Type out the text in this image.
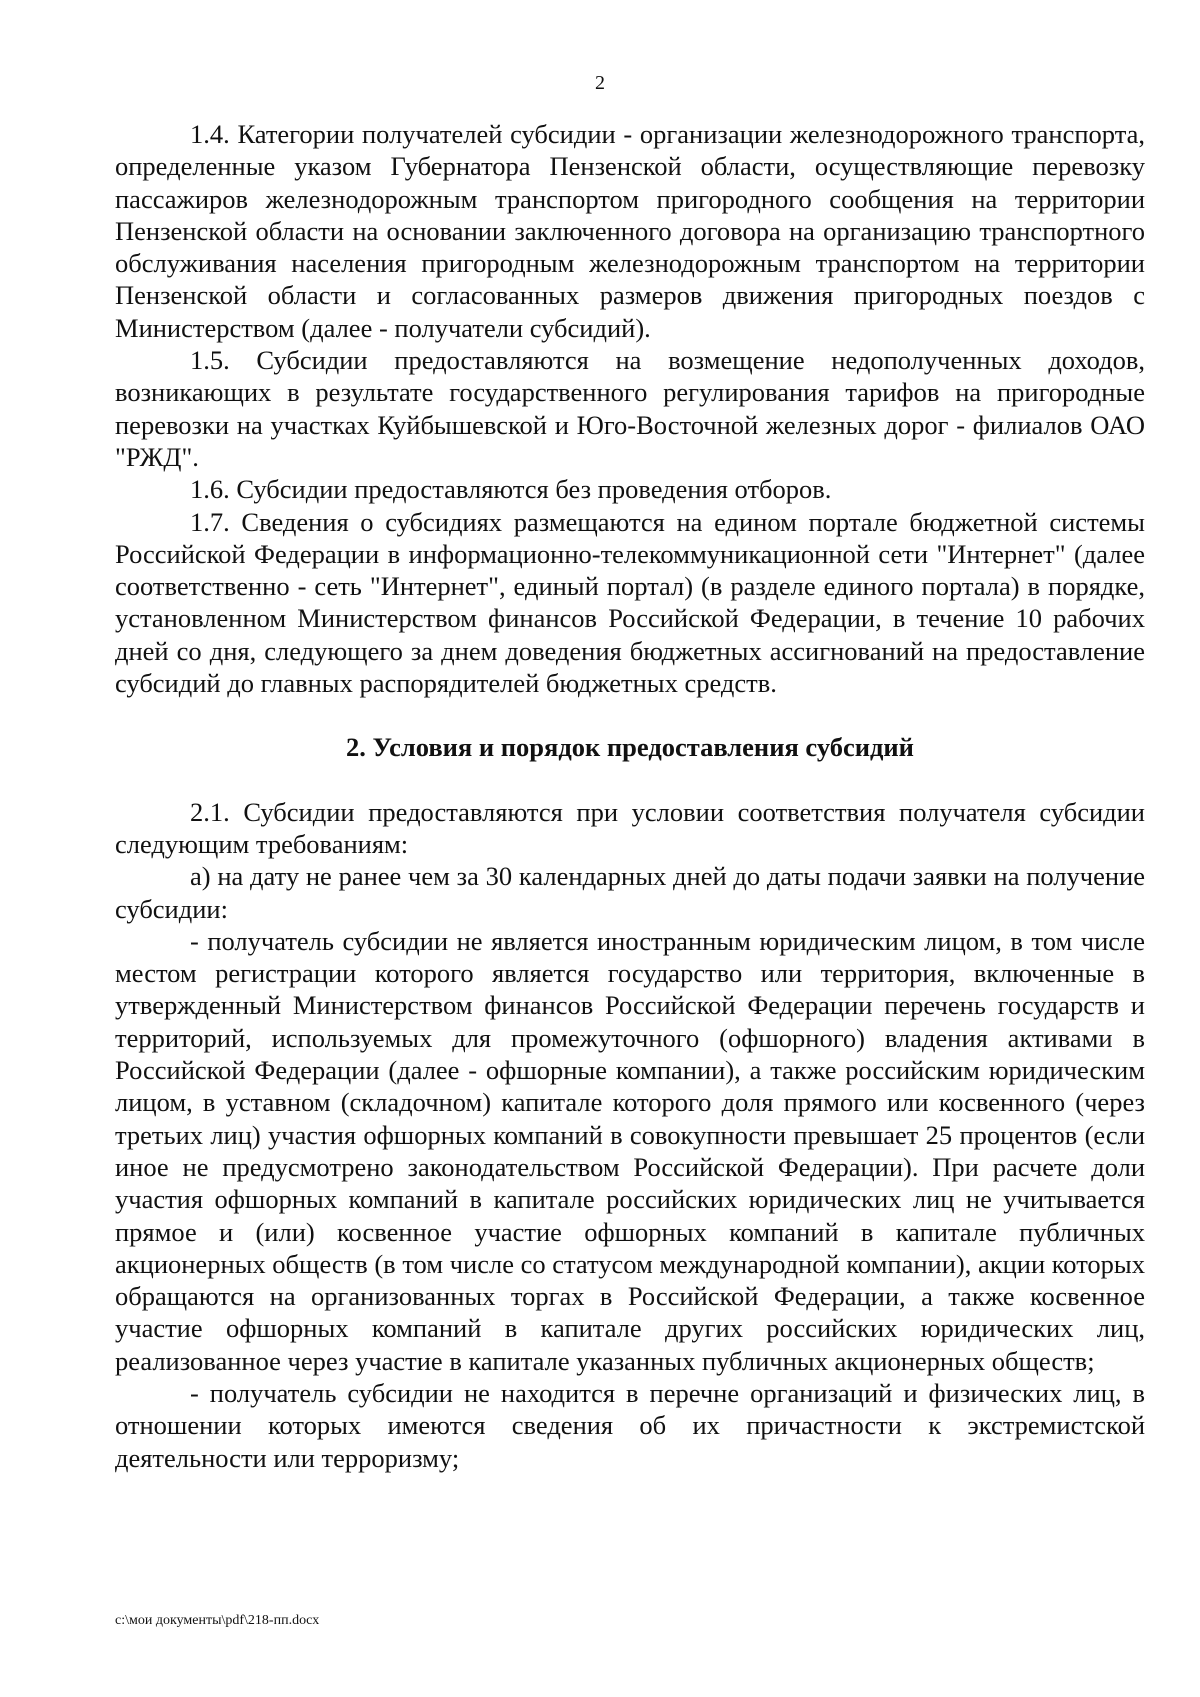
2

1.4. Категории получателей субсидии - организации железнодорожного транспорта, определенные указом Губернатора Пензенской области, осуществляющие перевозку пассажиров железнодорожным транспортом пригородного сообщения на территории Пензенской области на основании заключенного договора на организацию транспортного обслуживания населения пригородным железнодорожным транспортом на территории Пензенской области и согласованных размеров движения пригородных поездов с Министерством (далее - получатели субсидий).

1.5. Субсидии предоставляются на возмещение недополученных доходов, возникающих в результате государственного регулирования тарифов на пригородные перевозки на участках Куйбышевской и Юго-Восточной железных дорог - филиалов ОАО "РЖД".

1.6. Субсидии предоставляются без проведения отборов.

1.7. Сведения о субсидиях размещаются на едином портале бюджетной системы Российской Федерации в информационно-телекоммуникационной сети "Интернет" (далее соответственно - сеть "Интернет", единый портал) (в разделе единого портала) в порядке, установленном Министерством финансов Российской Федерации, в течение 10 рабочих дней со дня, следующего за днем доведения бюджетных ассигнований на предоставление субсидий до главных распорядителей бюджетных средств.

2. Условия и порядок предоставления субсидий

2.1. Субсидии предоставляются при условии соответствия получателя субсидии следующим требованиям:

а) на дату не ранее чем за 30 календарных дней до даты подачи заявки на получение субсидии:

- получатель субсидии не является иностранным юридическим лицом, в том числе местом регистрации которого является государство или территория, включенные в утвержденный Министерством финансов Российской Федерации перечень государств и территорий, используемых для промежуточного (офшорного) владения активами в Российской Федерации (далее - офшорные компании), а также российским юридическим лицом, в уставном (складочном) капитале которого доля прямого или косвенного (через третьих лиц) участия офшорных компаний в совокупности превышает 25 процентов (если иное не предусмотрено законодательством Российской Федерации). При расчете доли участия офшорных компаний в капитале российских юридических лиц не учитывается прямое и (или) косвенное участие офшорных компаний в капитале публичных акционерных обществ (в том числе со статусом международной компании), акции которых обращаются на организованных торгах в Российской Федерации, а также косвенное участие офшорных компаний в капитале других российских юридических лиц, реализованное через участие в капитале указанных публичных акционерных обществ;

- получатель субсидии не находится в перечне организаций и физических лиц, в отношении которых имеются сведения об их причастности к экстремистской деятельности или терроризму;

c:\мои документы\pdf\218-пп.docx
